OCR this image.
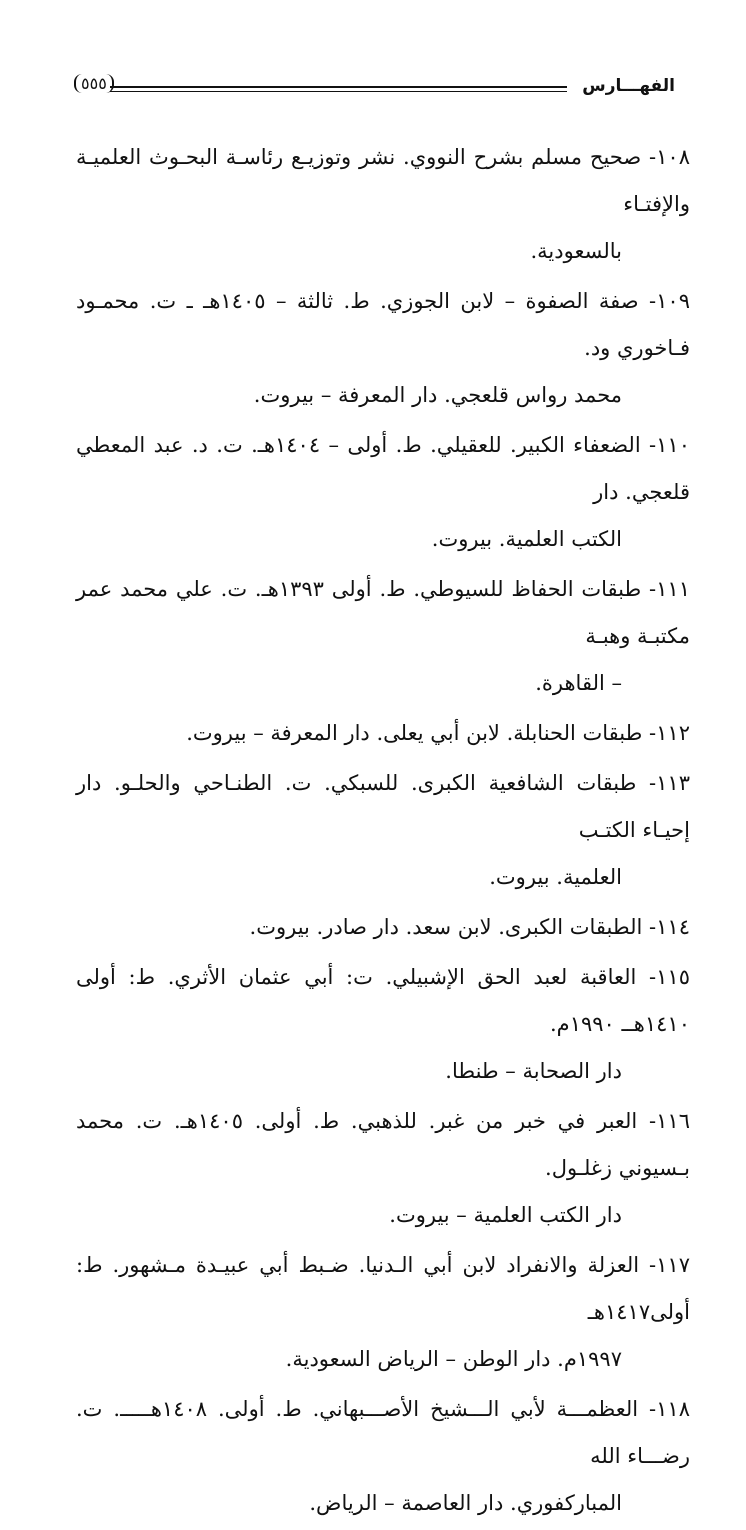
الفهـــارس
٥٥٥
١٠٨- صحيح مسلم بشرح النووي. نشر وتوزيـع رئاسـة البحـوث العلميـة والإفتـاء
بالسعودية.
١٠٩- صفة الصفوة – لابن الجوزي. ط. ثالثة – ١٤٠٥هـ ـ ت. محمـود فـاخوري ود.
محمد رواس قلعجي. دار المعرفة – بيروت.
١١٠- الضعفاء الكبير. للعقيلي. ط. أولى – ١٤٠٤هـ. ت. د. عبد المعطي قلعجي. دار
الكتب العلمية. بيروت.
١١١- طبقات الحفاظ للسيوطي. ط. أولى ١٣٩٣هـ. ت. علي محمد عمر مكتبـة وهبـة
– القاهرة.
١١٢- طبقات الحنابلة. لابن أبي يعلى. دار المعرفة – بيروت.
١١٣- طبقات الشافعية الكبرى. للسبكي. ت. الطنـاحي والحلـو. دار إحيـاء الكتـب
العلمية. بيروت.
١١٤- الطبقات الكبرى. لابن سعد. دار صادر. بيروت.
١١٥- العاقبة لعبد الحق الإشبيلي. ت: أبي عثمان الأثري. ط: أولى ١٤١٠هــ ١٩٩٠م.
دار الصحابة – طنطا.
١١٦- العبر في خبر من غبر. للذهبي. ط. أولى. ١٤٠٥هـ. ت. محمد بـسيوني زغلـول.
دار الكتب العلمية – بيروت.
١١٧- العزلة والانفراد لابن أبي الـدنيا. ضـبط أبي عبيـدة مـشهور. ط: أولى١٤١٧هـ
١٩٩٧م. دار الوطن – الرياض السعودية.
١١٨- العظمـــة لأبي الـــشيخ الأصـــبهاني. ط. أولى. ١٤٠٨هـــــ. ت. رضـــاء الله
المباركفوري. دار العاصمة – الرياض.
